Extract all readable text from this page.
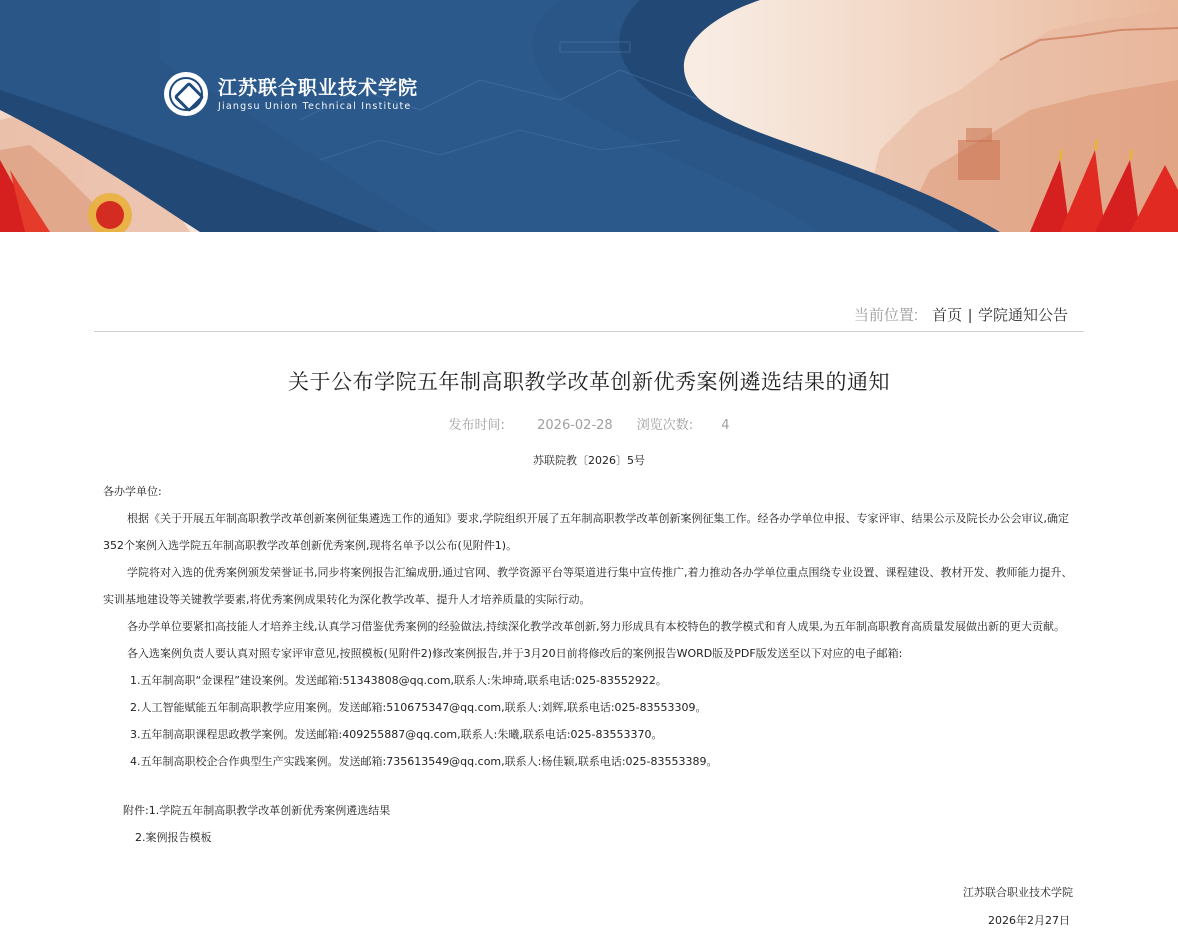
江苏联合职业技术学院
Jiangsu Union Technical Institute
当前位置: 首页 | 学院通知公告
关于公布学院五年制高职教学改革创新优秀案例遴选结果的通知
发布时间: 2026-02-28 浏览次数: 4
苏联院教〔2026〕5号

各办学单位:

根据《关于开展五年制高职教学改革创新案例征集遴选工作的通知》要求,学院组织开展了五年制高职教学改革创新案例征集工作。经各办学单位申报、专家评审、结果公示及院长办公会审议,确定352个案例入选学院五年制高职教学改革创新优秀案例,现将名单予以公布(见附件1)。

学院将对入选的优秀案例颁发荣誉证书,同步将案例报告汇编成册,通过官网、教学资源平台等渠道进行集中宣传推广,着力推动各办学单位重点围绕专业设置、课程建设、教材开发、教师能力提升、实训基地建设等关键教学要素,将优秀案例成果转化为深化教学改革、提升人才培养质量的实际行动。

各办学单位要紧扣高技能人才培养主线,认真学习借鉴优秀案例的经验做法,持续深化教学改革创新,努力形成具有本校特色的教学模式和育人成果,为五年制高职教育高质量发展做出新的更大贡献。

各入选案例负责人要认真对照专家评审意见,按照模板(见附件2)修改案例报告,并于3月20日前将修改后的案例报告WORD版及PDF版发送至以下对应的电子邮箱:

1.五年制高职“金课程”建设案例。发送邮箱:51343808@qq.com,联系人:朱坤琦,联系电话:025-83552922。

2.人工智能赋能五年制高职教学应用案例。发送邮箱:510675347@qq.com,联系人:刘辉,联系电话:025-83553309。

3.五年制高职课程思政教学案例。发送邮箱:409255887@qq.com,联系人:朱曦,联系电话:025-83553370。

4.五年制高职校企合作典型生产实践案例。发送邮箱:735613549@qq.com,联系人:杨佳颖,联系电话:025-83553389。

附件:1.学院五年制高职教学改革创新优秀案例遴选结果

2.案例报告模板

江苏联合职业技术学院
2026年2月27日
